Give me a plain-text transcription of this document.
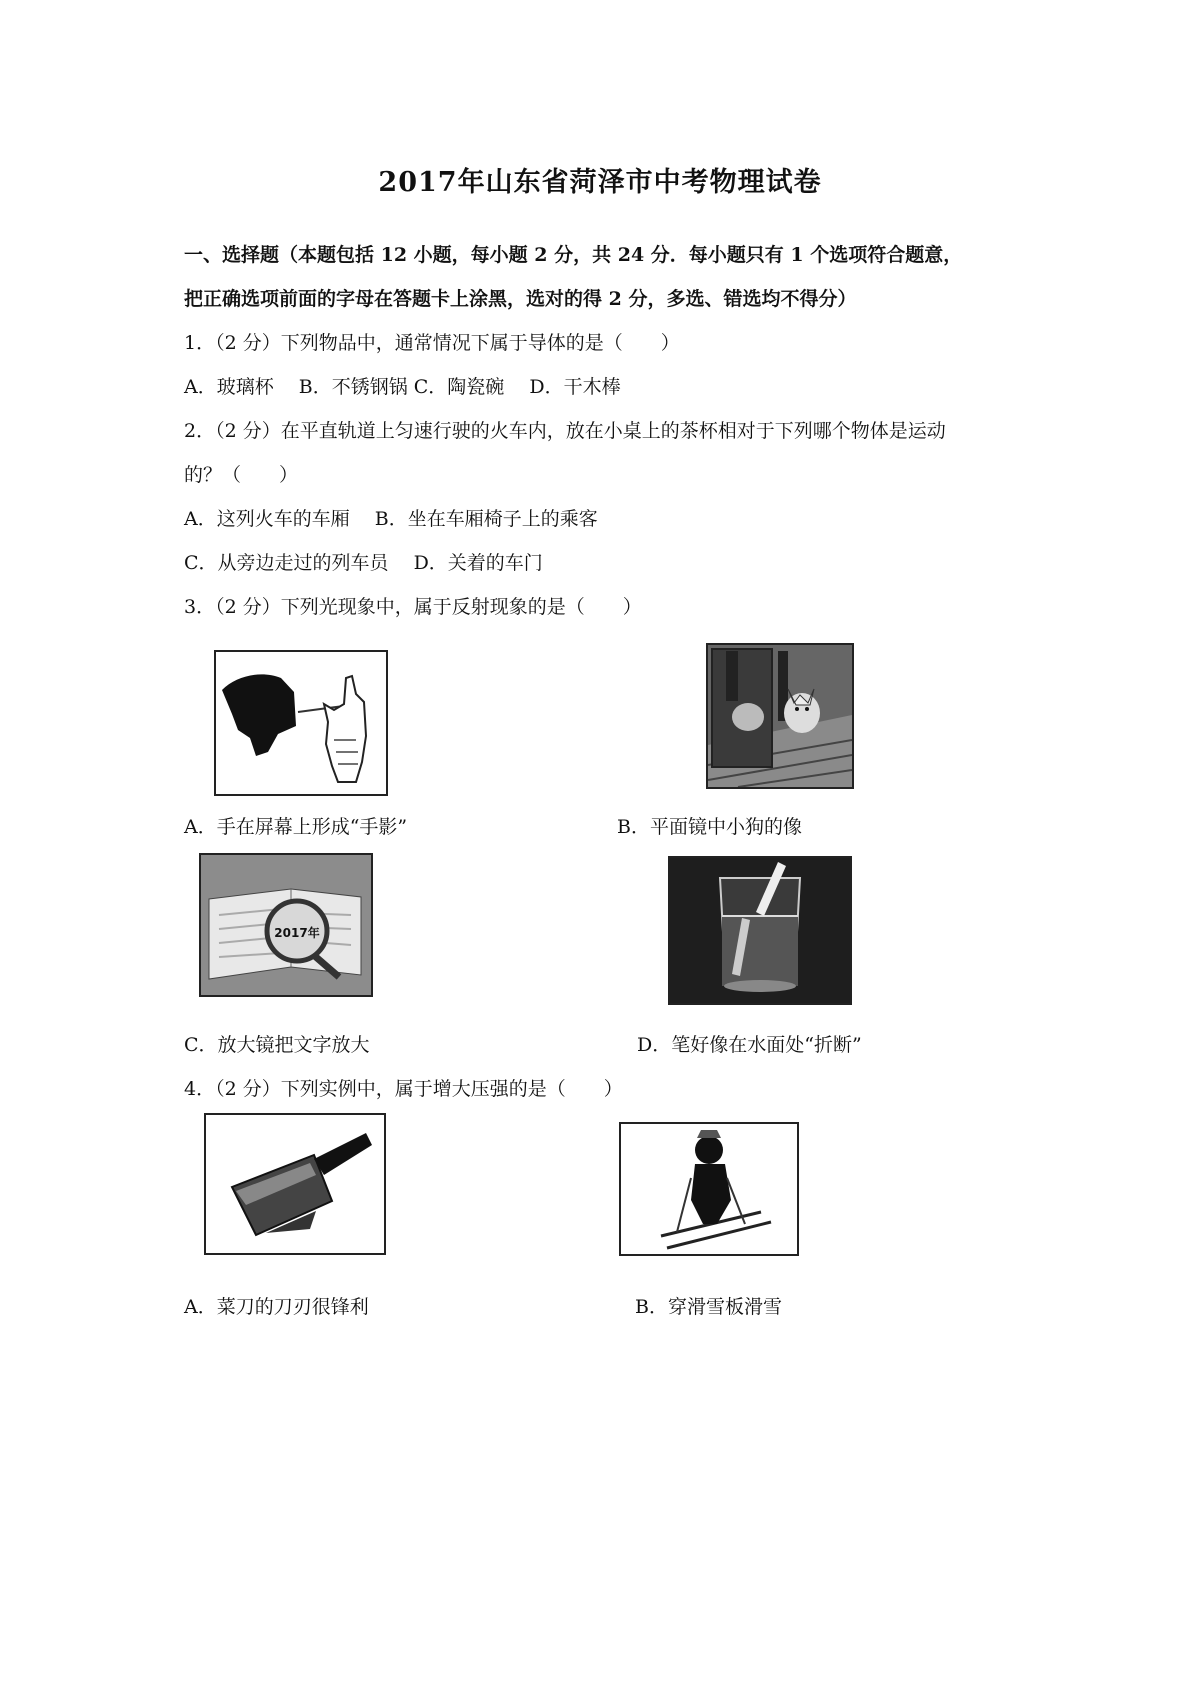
2017年山东省菏泽市中考物理试卷
一、选择题（本题包括 12 小题，每小题 2 分，共 24 分．每小题只有 1 个选项符合题意，
把正确选项前面的字母在答题卡上涂黑，选对的得 2 分，多选、错选均不得分）
1．（2 分）下列物品中，通常情况下属于导体的是（　　）
A．玻璃杯　 B．不锈钢锅 C．陶瓷碗　 D．干木棒
2．（2 分）在平直轨道上匀速行驶的火车内，放在小桌上的茶杯相对于下列哪个物体是运动
的？（　　）
A．这列火车的车厢　 B．坐在车厢椅子上的乘客
C．从旁边走过的列车员　 D．关着的车门
3．（2 分）下列光现象中，属于反射现象的是（　　）
A．手在屏幕上形成“手影”	B．平面镜中小狗的像
2017年
C．放大镜把文字放大	D．笔好像在水面处“折断”
4．（2 分）下列实例中，属于增大压强的是（　　）
A．菜刀的刀刃很锋利	B．穿滑雪板滑雪
